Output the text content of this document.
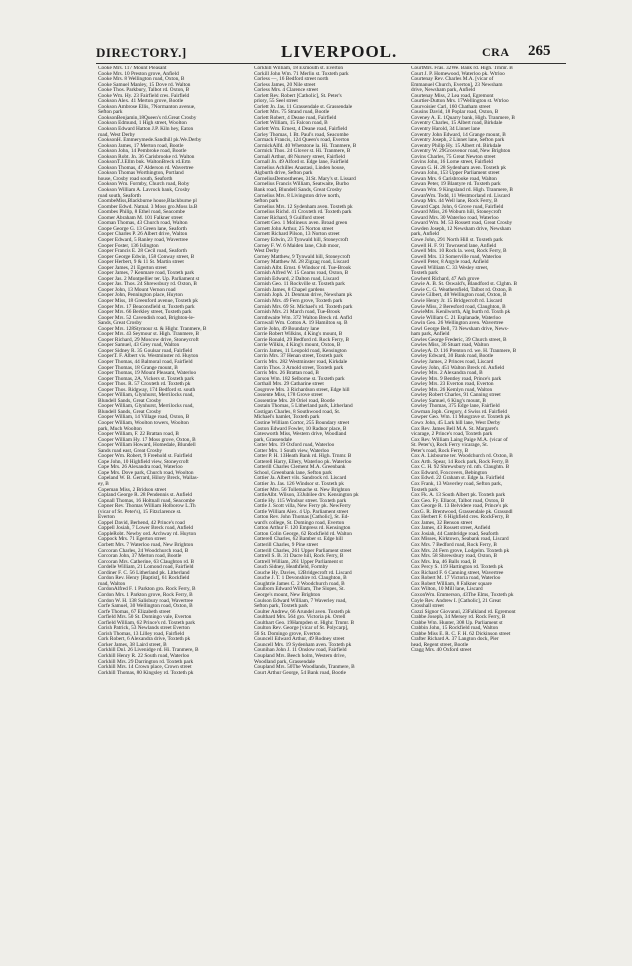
DIRECTORY.]	LIVERPOOL.	CRA 265
Cooke Mrs. 117 Mount Pleasant
Cooke Mrs. 10 Preston grove, Anfield
Cooke Mrs. 8 Wellington road, Oxton, B
Cooke Samuel Manley, 15 Dove rd. Walton
Cooke Thos. Parkbury, Talbot rd. Oxton, B
Cooke Wm. Hy. 23 Fairfield cres. Fairfield
Cookson Alex. 41 Merton grove, Bootle
Cookson Ambrose Ellis, 7Normanton avenue,
Sefton park
CooksonBenjamin,18Queen's rd.Great Crosby
Cookson Edmund, 1 High street, Woolton
Cookson Edward Hatton J.P. Kiln hey, Eaton
road, West Derby
CooksonH. Emmerymede.Sandhill pk.We.Derby
Cookson James, 17 Merton road, Bootle
Cookson John, 14 Pembroke road, Bootle
Cookson Robt. Jn. 36 Carisbrooke rd. Walton
CooksonT.J.Ellm bnk. WaltonBreck rd.Ertn
Cookson Thomas, 47 Alderson rd. Wavertree
Cookson Thomas Worthington, Portland
house, Crosby road south, Seaforth
Cookson Wm. Formby, Church road, Roby
Cookson William A. Lavrock bank, Crosby
road south, Seaforth
CoombeMiss,Blackburne house,Blackburne pl
Coomber Edwd. Natnal. 3 Moss gro.Moss la.B
Coombes Philip, 8 Ethel road, Seacombe
Coomer Abraham M. 101 Falkner street
Cooman Thomas, 43 Church road, Walton
Coope George G. 13 Green lane, Seaforth
Cooper Charles P. 26 Albert drive, Walton
Cooper Edward, 5 Ranley road, Wavertree
Cooper Foster, 136 Islington
Cooper Francis E. 28 Cecil road, Seaforth
Cooper George Edwin, 158 Conway street, B
Cooper Herbert, 9 & 11 St. Martin street
Cooper James, 21 Egerton street
Cooper James, 7 Kenmare road, Toxteth park
Cooper Jas. 2 Montpellier ter. Up. Parliament st
Cooper Jas. Thos. 24 Shrewsbury rd. Oxton, B
Cooper John, 13 Mount Vernon road
Cooper John, Pennington place, Huyton
Cooper Miss, 18 Greenford avenue, Toxteth pk
Cooper Mrs. 17 Beaconsfield st. Toxteth park
Cooper Mrs. 66 Berkley street, Toxteth park
Cooper Mrs. 52 Cavendish road, Brighton-le-
Sands, Great Crosby
Cooper Mrs. 128Stymour st. & Highr. Tranmere, B
Cooper Mrs. 43 Seymour st. High. Tranmere, B
Cooper Richard, 29 Moscow drive, Stoneycroft
Cooper Samuel, 43 Grey road, Walton
Cooper Sidney R. 35 Goulsar road, Fairfield
CooperT. F. Albert vis. Westminster rd. Huyton
Cooper Thomas, 44 Balmoral road, Fairfield
Cooper Thomas, 18 Grange mount, B
Cooper Thomas, 19 Mount Pleasant, Waterloo
Cooper Thomas, 2A, Vickers st. Toxteth park
Cooper Thos. R. 57 Croxteth rd. Toxteth pk
Cooper Thos. Ridgway, 174 Bedford st. south
Cooper William, Glynhurst, Merrilocks road,
Blundell Sands, Great Crosby
Cooper William, Glynhurst, Merrilocks road,
Blundell Sands, Great Crosby
Cooper William, 14 Village road, Oxton, B
Cooper William, Woolton towers, Woolton
park, Much Woolton
Cooper William, F. 22 Brattan road, B
Cooper William Hy. 17 Moss grove, Oxton, B
Cooper William Howard, Homedale, Blundell
Sands road east, Great Crosby
Cooper Wm. Robert, 9 Freehold st. Fairfield
Cope John, 10 Highfield view, Stoneycroft
Cope Mrs. 26 Alexandra road, Waterloo
Cope Mrs. Dove park, Church road, Woolton
Copeland W. B. Gerrard, Hilory Breck, Wallas-
ey, B
Copeman Miss, 2 Bridson street
Copland George R. 28 Pendennis st. Anfield
Copnall Thomas, 16 Holtnall road, Seacombe
Copner Rev. Thomas William Holborow L.Th
(vicar of St. Peter's), 15 Fitzclarence st.
Everton
Coppel David, Berhend, 42 Prince's road
Coppell Josiah, 7 Lower Breck road, Anfield
CoppleRobt. Newby ord. Archway rd. Huyton
Coppock Mrs. 71 Egerton street
Corbett Mrs. 7 Waterloo road, New Brighton
Corcoran Charles, 24 Woodchurch road, B
Corcoran John, 37 Merton road, Bootle
Corcoran Mrs. Catherine, 63 Claughton rd. B
Cordelle William, 21 Lomond road, Fairfield
Cordiner F. C. 56 Litherland pk. Litherland
Cordon Rev. Henry [Baptist], 61 Rockfield
road, Walton
CordonAlfred F. 1 Parkton gro. Rock Ferry, B
Cordon Mrs. 1 Parkton grove, Rock Ferry, B
Cordon W. H. 138 Salisbury road, Wavertree
Corfe Samuel, 30 Wellington road, Oxton, B
Corfe Thomas, 67 Elizabeth street
Corfield Mrs. 50 St. Domingo vale, Everton
Corfield William, 62 Prince's rd. Toxteth park
Corish Patrick, 53 Newlands street Everton
Corish Thomas, 13 Lilley road, Fairfield
Cork Robert, 6 Alexandra drive, Toxteth pk
Corker James, 38 Laird street, B
Corkhill Dnl. 26 Livenidge rd. Hi. Tranmere, B
Corkhill Henry R. 22 South road, Waterloo
Corkhill Mrs. 29 Darrington rd. Toxteth park
Corkhill Mrs. 14 Crown place, Crown street
Corkhill Thomas, 80 Kingsley rd. Toxteth pk
Corkhill William, 18 Exmouth st. Everton
Corkill John Wm. 71 Merlin st. Toxteth park
Corless —, 16 Bedford street north
Corless James, 20 Nile street
Corless Mrs. 4 Clarence street
Corlett Rev. Robert [Catholic], St. Peter's
priory, 55 Seel street
Corlett Jn. Jas. 11 Grassendale st. Grassendale
Corlett Mrs. 75 Strand road, Bootle
Corlett Robert, 4 Deane road, Fairfield
Corlett William, 15 Falcon road, B
Corlett Wm. Ernest, 4 Deane road, Fairfield
Corley Thomas, 1 Bt. Paul's road, Seacombe
Cormack Francis, 124 Queen's road, Everton
CormickAlfd. 40 Whetstone la. Hi. Tranmere, B
Cormick Thos. 24 Glover st. Hi. Tranmere, B
Cornall Arthur, 48 Nursery street, Fairfield
Cornall Jn. 49 Alford st. Edge lane, Fairfield
Cornelius Achilles Anastasi, Linden house,
Aigburth drive, Sefton park
CorneliusDemosthenes, 31St. Mary's st. Lissard
Cornelius Francis William, Seatwaite, Burbo
Bank road, Blundell Sands, Great Crosby
Cornelius Mrs. 8 Livingston drive north,
Sefton park
Cornelius Mrs. 12 Sydenham aven. Toxteth pk
Cornelius Richd. 41 Croxteth rd. Toxteth park
Corner Richard, 9 Guilford street
Cornett Geo. 1 Molineux aven. Broad green
Cornett John Arthur, 25 Norton street
Cornett Richard Pilson, 13 Norton street
Corney Edwin, 23 Tynwald hill, Stoneycroft
Corney F. W. 6 Maiden lane, Club moor,
West Derby
Corney Matthew, 9 Tynwald hill, Stoneycroft
Corney Matthew M. 28 Zigzag road, Liscard
Cornish Albt. Ernst. 6 Windsor rd. Tue-Brook
Cornish Alfred W. 15 Cearns road, Oxton, B
Cornish Edward, 2 Dalton road, Liscard
Cornish Geo. 11 Rockville st. Toxteth park
Cornish James, 8 Chapel gardens
Cornish Joph. 21 Denman drive, Newsham pk
Cornish Mrs. 49 Fern grove, Toxteth park
Cornish Mrs. 69 St. Michael's rd. Toxteth park
Cornish Mrs. 21 March road, Tue-Brook
Cornthwaite Wm. 372 Walton Breck rd. Anfld
Cornwall Wm. Cotton A. 19 Hamilton sq. B
Corrie John, 49 Boundary lane
Corrie Robert Wilkins, 4 King's mount, B
Corrie Ronald, 29 Bedford rd. Rock Ferry, B
Corrie Wilkin, 4 King's mount, Oxton, B
Corrin James, 11 Leopold road, Kensington
Corrin Mrs. 37 Henan street, Toxteth park
Corris Mrs. 282 Westminster road, Kirkdale
Corrin Thos. 3 Arnold street, Toxteth park
Corris Mrs. 26 Brattan road, B
Corson Wm. 182 Selborne st. Toxteth park
Corthall Mrs. 29 Catharine street
Cosgrove Mrs. 3 Richardson street, Edge hill
Cossente Miss, 178 Grove street
Cossentine Mrs. 28 Oriel road, Bootle
Costain Thomas, 5 Litherland park, Litherland
Costigan Charles, 8 Southwood road, St.
Michael's hamlet, Toxteth park
Costine William Cortor, 255 Boundary street
Coston Edward Fowler, 10 Radnor place, B
Cotesworth Miss, Western drive, Woodland
park, Grassendale
Cotter Mrs. 19 Oxford road, Waterloo
Cotter Mrs. 1 South view, Waterloo
Cotter P. H. 13Heath Bank rd. High. Trnmr. B
Cotterell Harry, Ellery, Waterloo pk. Waterloo
Cotterill Charles Clement M.A. Greenbank
School, Greenbank lane, Sefton park
Cottier Ja. Albert vils. Sandrock rd. Liscard
Cottier Jn. Jas. 126 Windsor st. Toxteth pk
Cottier Mrs. 56 Tollemache st. New Brighton
CottleAlbt. Wilson, 33Jubilee drv. Kensington pk
Cottle Hy. 115 Windsor street. Toxteth park
Cottle J. Scott villa, New Ferry pk. NewFerry
Cottle William Alex. 4 Up. Parliament street
Cotton Rev. John Thomas [Catholic], St. Ed-
ward's college, St. Domingo road, Everton
Cotton Arthur F. 120 Empress rd. Kensington
Cotton Colin George, 62 Rockfield rd. Walton
Cotterell Charles, 62 Bamber st. Edge hill
Cotterill Charles, 9 Pine street
Cotterill Charles, 261 Upper Parliament street
Cottrell S. B. 31 Dacre hill, Rock Ferry, B
Cottrell William, 261 Upper Parliament st
Couch Sidney, Heathfield, Formby
Couche Hy. Davies, 12Bridgecroft rd. Liscard
Couche J. T. 1 Devonshire rd. Claughton, B
Coughtrie James C. 2 Woodchurch road, B
Coulborn Edward William, The Slopes, St.
George's mount, New Brighton
Coulson Edward William, 7 Waverley road,
Sefton park, Toxteth park
Coulter Andrew, 66 Arundel aven. Toxteth pk
Coulthard Mrs. 564 gro. Victoria pk. Orrell
Coulthart Geo. 19Hampden st. Highr. Trnmr. B
Coulton Rev. George [vicar of St. Polycarp],
56 St. Domingo grove, Everton
Councell Edward Arthur, 49 Rodney street
Councell Mrs. 19 Sydenham aven. Toxteth pk
Counihan John J. 11 Onslow road, Fairfield
Coupland Mrs. Beech holm, Western drive,
Woodland park, Grassendale
Coupland Mrs. 50The Woodlands, Tranmere, B
Court Arthur George, 54 Bank road, Bootle
CourtMrs. Fras. 32We. Bank rd. High. Trnmr. B
Court J. P. Homewood, Waterloo pk. Wtrloo
Courtenay Rev. Charles M.A. [vicar of
Emmanuel Church, Everton], 23 Newsham
drive, Newsham park, Anfield
Courtenay Miss, 2 Lea road, Egremont
Courtier-Dutton Mrs. 17Wellington st. Wtrloo
Courvoisier Carl, 160 Chatham street
Cousins David, 18 Poplar road, Oxton, B
Coveney A. E. 1Quarry bank, High. Tranmere, B
Coventry Charles, 15 Albert road, Birkdale
Coventry Harold, 34 Linnet lane
Coventry John Edward, 14 Grange mount, B
Coventry Joseph, 2 Linnet lane, Sefton park
Coventry Philip Hy. 15 Albert rd. Birkdale
Coventry W. 29Grosvenor road, New Brighton
Covins Charles, 75 Great Newton street
Covins John, 16 Lorne street, Fairfield
Cowan G. H. 28 Sydenham aven. Toxteth pk
Cowan John, 153 Upper Parliament street
Cowan Mrs. 6 Carisbrooke road, Walton
Cowan Peter, 19 Blantyre rd. Toxteth park
Cowan Wm. 9 Kingsland rd. High. Tranmere, B
CowanWm. Todd, 11 Westmorland rd. Liscard
Cowap Mrs. 44 Well lane, Rock Ferry, B
Coward Capt. John, 6 Grove road, Fairfield
Coward Miss, 26 Woburn hill, Stoneycroft
Coward Mrs. 30 Waterloo road, Waterloo
Coward Wm. M. 53 Rossett road, Great Crosby
Cowden Joseph, 12 Newsham drive, Newsham
park, Anfield
Cowe John, 291 North Hill st. Toxteth park
Cowell H. F. 91 Townsend lane, Anfield
Cowell Mrs. 10 Rock la. west, Rock Ferry, B
Cowell Mrs. 13 Somerville road, Waterloo
Cowell Peter, 8 Argyle road, Anfield
Cowell William C. 33 Wesley street,
Toxteth park
Cowherd Richard, 47 Ash grove
Cowie A. B. St. Oswald's, Blandford st. Clghtn. B
Cowie C. G. Weathersfield, Talbot rd. Oxton, B
Cowie Gilbert, 48 Wellington road, Oxton, B
Cowie Henry Jr. 15 Bridgecroft rd. Liscard
Cowie Miss, 2 Beresford road, Claughton, B
CowieMrs. Kenilworth, Alg burth rd. Toxth pk
Cowie William C. 21 Esplanade, Waterloo
Cowin Geo. 26 Wellington aven. Wavertree
Cowl George Bell, 73 Newsham drive, News-
ham park, Anfield
Cowles George Frederic, 39 Church street, B
Cowles Miss, 36 Stuart road, Walton
CowleyA. D. 116 Prenton rd. we. H. Tranmere, B
Cowley Edward, 30 Bank road, Bootle
Cowley James, 2 Princes road, Liscard
Cowley John, 451 Walton Breck rd. Anfield
Cowley Mrs. 2 Alexandra road, B
Cowley Mrs. 9 Bentley road, Prince's park
Cowley Mrs. 23 Everton road, Everton
Cowley Mrs. 26 Kemlyn road, Walton
Cowley Robert Charles, 91 Canning street
Cowley Samuel, 6 King's mount, B
Cowley Thomas, 375 Edge lane, Fairfield
Cowman Joph. Gregory, 4 Swiss rd. Fairfield
Cowper Geo. Wm. 11 Musgrave st. Toxteth pk
Cowx John, 45 Lark hill lane, West Derby
Cox Rev. James Bell M.A. St. Margaret's
vicarage, 2 Prince's road, Toxteth park
Cox Rev. William Laing Paige M.A. (vicar of
St. Peter's), Rock Ferry vicarage, St.
Peter's road, Rock Ferry, B
Cox A. Lisbourne ter. Woodchurch rd. Oxton, B
Cox Arth. Spear, 14 Rock park, Rock Ferry, B
Cox C. H. 92 Shrewsbury rd. nth. Claughtn. B
Cox Edward, Foxcovers, Bebington
Cox Edwd. 22 Graham st. Edge la. Fairfield
Cox Frank, 13 Waverley road, Sefton park,
Toxteth park
Cox Fk. A. 13 South Albert pk. Toxteth park
Cox Geo. Fy. Ellacot, Talbot road, Oxton, B
Cox George R. 13 Belvidere road, Prince's pk
CoxG. R. Brentwood, Grassendale pk. Grassndl
Cox Herbert F. 6 Highfield cres. RockFerry, B
Cox James, 32 Benson street
Cox James, 43 Rossett street, Anfield
Cox Josiah, 44 Cambridge road, Seaforth
Cox Misses, Kirktown, Seabank road, Liscard
Cox Mrs. 7 Bedford road, Rock Ferry, B
Cox Mrs. 24 Fern grove, Lodgelm. Toxteth pk
Cox Mrs. 58 Shrewsbury road, Oxton, B
Cox Mrs. Ina, 46 Balls road, B
Cox Percy S. 119 Hartington rd. Toxteth pk
Cox Richard F. 6 Canning street, Wavertree
Cox Robert M. 17 Victoria road, Waterloo
Cox Robert William, 8 Falkner square
Cox Wilton, 10 Mill lane, Liscard
CoxonWm. Emmerson, 43The Elms, Toxteth pk
Coyle Rev. Andrew I. [Catholic], 21 Great
Crosshall street
Cozzi Signor Giovanni, 23Falkland rd. Egremont
Crabbe Joseph, 34 Mersey rd. Rock Ferry, B
Crabbe Wm. Hunter, 308 Up. Parliament st
Crabbin John, 15 Rockfield road, Walton
Crabbe Miss E. R. C. F. H. 62 Dickinson street
Crafter Richard A. 37 Langton dock, Pier
head, Regent street, Bootle
Cragg Mrs. 40 Oxford street
